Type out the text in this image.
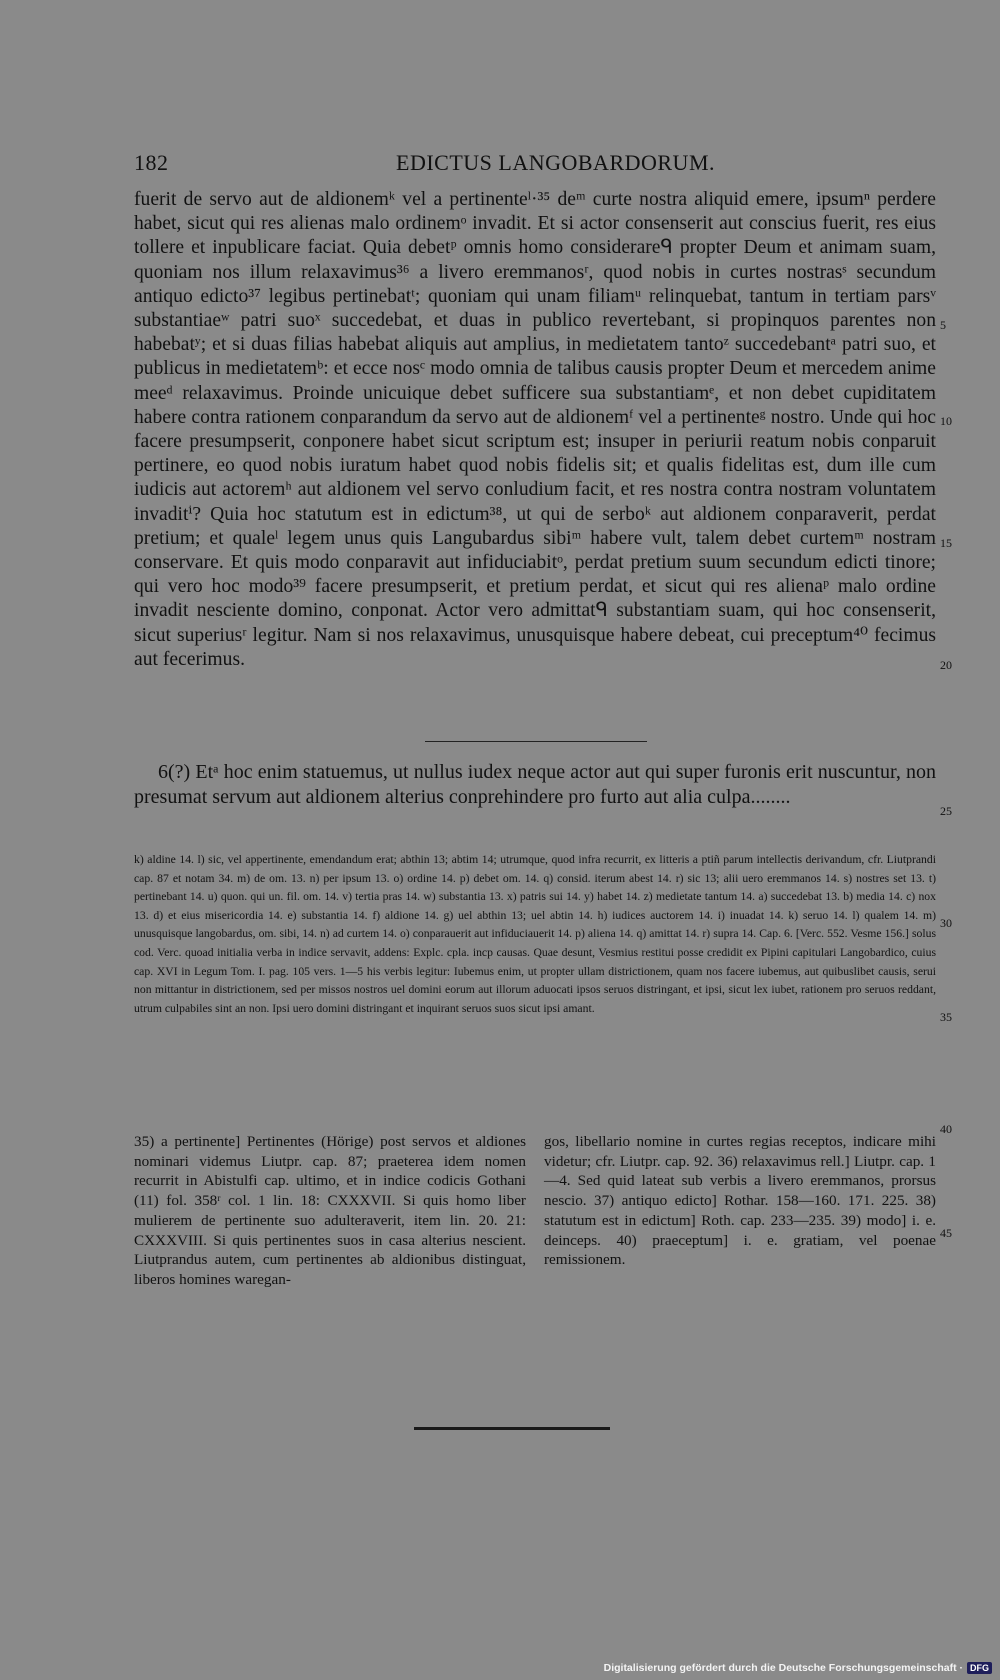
182	EDICTUS LANGOBARDORUM.

fuerit de servo aut de aldionemᵏ vel a pertinenteˡ·³⁵ deᵐ curte nostra aliquid emere, ipsumⁿ perdere habet, sicut qui res alienas malo ordinemᵒ invadit. Et si actor consenserit aut conscius fuerit, res eius tollere et inpublicare faciat. Quia debetᵖ omnis homo considerareᑫ propter Deum et animam suam, quoniam nos illum relaxavimus³⁶ a livero eremmanosʳ, quod nobis in curtes nostrasˢ secundum antiquo edicto³⁷ legibus pertinebatᵗ; quoniam qui unam filiamᵘ relinquebat, tantum in tertiam parsᵛ substantiaeʷ patri suoˣ succedebat, et duas in publico revertebant, si propinquos parentes non habebatʸ; et si duas filias habebat aliquis aut amplius, in medietatem tantoᶻ succedebantᵃ patri suo, et publicus in medietatemᵇ: et ecce nosᶜ modo omnia de talibus causis propter Deum et mercedem anime meeᵈ relaxavimus. Proinde unicuique debet sufficere sua substantiamᵉ, et non debet cupiditatem habere contra rationem conparandum da servo aut de aldionemᶠ vel a pertinenteᵍ nostro. Unde qui hoc facere presumpserit, conponere habet sicut scriptum est; insuper in periurii reatum nobis conparuit pertinere, eo quod nobis iuratum habet quod nobis fidelis sit; et qualis fidelitas est, dum ille cum iudicis aut actoremʰ aut aldionem vel servo conludium facit, et res nostra contra nostram voluntatem invaditⁱ? Quia hoc statutum est in edictum³⁸, ut qui de serboᵏ aut aldionem conparaverit, perdat pretium; et qualeˡ legem unus quis Langubardus sibiᵐ habere vult, talem debet curtemᵐ nostram conservare. Et quis modo conparavit aut infiduciabitᵒ, perdat pretium suum secundum edicti tinore; qui vero hoc modo³⁹ facere presumpserit, et pretium perdat, et sicut qui res alienaᵖ malo ordine invadit nesciente domino, conponat. Actor vero admittatᑫ substantiam suam, qui hoc consenserit, sicut superiusʳ legitur. Nam si nos relaxavimus, unusquisque habere debeat, cui preceptum⁴⁰ fecimus aut fecerimus.

6(?) Etᵃ hoc enim statuemus, ut nullus iudex neque actor aut qui super furonis erit nuscuntur, non presumat servum aut aldionem alterius conprehindere pro furto aut alia culpa........

k) aldine 14. l) sic, vel appertinente, emendandum erat; abthin 13; abtim 14; utrumque, quod infra recurrit, ex litteris a ptiñ parum intellectis derivandum, cfr. Liutprandi cap. 87 et notam 34. m) de om. 13. n) per ipsum 13. o) ordine 14. p) debet om. 14. q) consid. iterum abest 14. r) sic 13; alii uero eremmanos 14. s) nostres set 13. t) pertinebant 14. u) quon. qui un. fil. om. 14. v) tertia pras 14. w) substantia 13. x) patris sui 14. y) habet 14. z) medietate tantum 14. a) succedebat 13. b) media 14. c) nox 13. d) et eius misericordia 14. e) substantia 14. f) aldione 14. g) uel abthin 13; uel abtin 14. h) iudices auctorem 14. i) inuadat 14. k) seruo 14. l) qualem 14. m) unusquisque langobardus, om. sibi, 14. n) ad curtem 14. o) conparauerit aut infiduciauerit 14. p) aliena 14. q) amittat 14. r) supra 14. Cap. 6. [Verc. 552. Vesme 156.] solus cod. Verc. quoad initialia verba in indice servavit, addens: Explc. cpla. incp causas. Quae desunt, Vesmius restitui posse credidit ex Pipini capitulari Langobardico, cuius cap. XVI in Legum Tom. I. pag. 105 vers. 1—5 his verbis legitur: Iubemus enim, ut propter ullam districtionem, quam nos facere iubemus, aut quibuslibet causis, serui non mittantur in districtionem, sed per missos nostros uel domini eorum aut illorum aduocati ipsos seruos distringant, et ipsi, sicut lex iubet, rationem pro seruos reddant, utrum culpabiles sint an non. Ipsi uero domini distringant et inquirant seruos suos sicut ipsi amant.

35) a pertinente] Pertinentes (Hörige) post servos et aldiones nominari videmus Liutpr. cap. 87; praeterea idem nomen recurrit in Abistulfi cap. ultimo, et in indice codicis Gothani (11) fol. 358ʳ col. 1 lin. 18: CXXXVII. Si quis homo liber mulierem de pertinente suo adulteraverit, item lin. 20. 21: CXXXVIII. Si quis pertinentes suos in casa alterius nescient. Liutprandus autem, cum pertinentes ab aldionibus distinguat, liberos homines waregan-

gos, libellario nomine in curtes regias receptos, indicare mihi videtur; cfr. Liutpr. cap. 92. 36) relaxavimus rell.] Liutpr. cap. 1—4. Sed quid lateat sub verbis a livero eremmanos, prorsus nescio. 37) antiquo edicto] Rothar. 158—160. 171. 225. 38) statutum est in edictum] Roth. cap. 233—235. 39) modo] i. e. deinceps. 40) praeceptum] i. e. gratiam, vel poenae remissionem.

5
10
15
20
25
30
35
40
45
Digitalisierung gefördert durch die Deutsche Forschungsgemeinschaft · DFG
